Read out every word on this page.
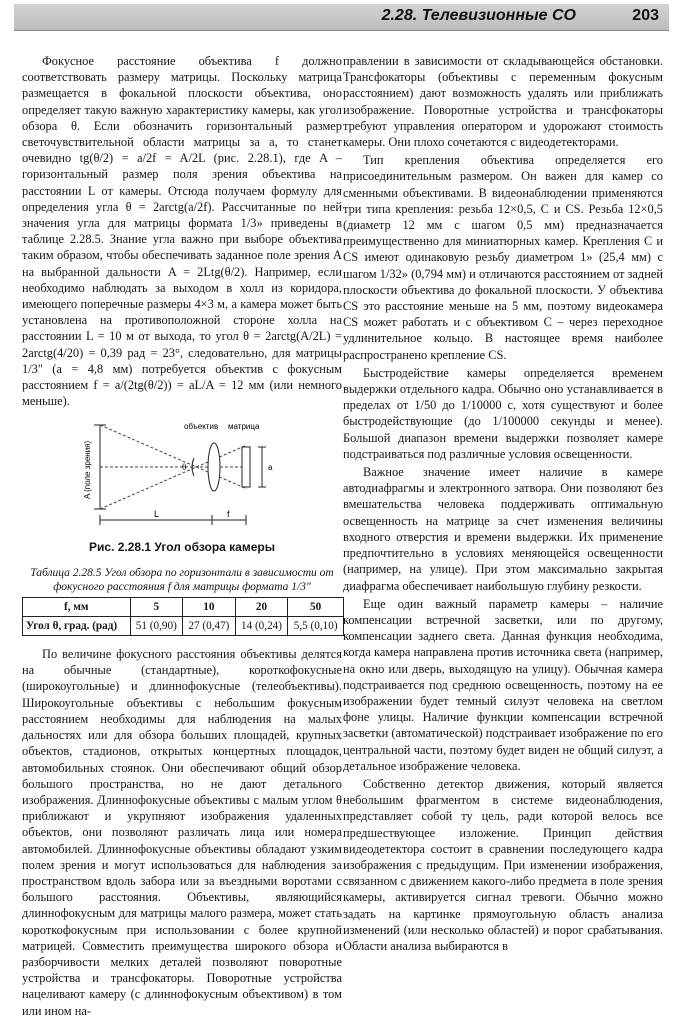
2.28. Телевизионные СО	203

Фокусное расстояние объектива f должно соответствовать размеру матрицы. Поскольку матрица размещается в фокальной плоскости объектива, оно определяет такую важную характеристику камеры, как угол обзора θ. Если обозначить горизонтальный размер светочувствительной области матрицы за a, то станет очевидно tg(θ/2) = a/2f = A/2L (рис. 2.28.1), где A – горизонтальный размер поля зрения объектива на расстоянии L от камеры. Отсюда получаем формулу для определения угла θ = 2arctg(a/2f). Рассчитанные по ней значения угла для матрицы формата 1/3» приведены в таблице 2.28.5. Знание угла важно при выборе объектива таким образом, чтобы обеспечивать заданное поле зрения A на выбранной дальности A = 2Ltg(θ/2). Например, если необходимо наблюдать за выходом в холл из коридора, имеющего поперечные размеры 4×3 м, а камера может быть установлена на противоположной стороне холла на расстоянии L = 10 м от выхода, то угол θ = 2arctg(A/2L) = 2arctg(4/20) = 0,39 рад = 23°, следовательно, для матрицы 1/3" (a = 4,8 мм) потребуется объектив с фокусным расстоянием f = a/(2tg(θ/2)) = aL/A = 12 мм (или немного меньше).

объектив матрица
A (поле зрения)	θ	a
L	f
Рис. 2.28.1 Угол обзора камеры
Таблица 2.28.5 Угол обзора по горизонтали в зависимости от фокусного расстояния f для матрицы формата 1/3"
f, мм	5	10	20	50
Угол θ, град. (рад)	51 (0,90)	27 (0,47)	14 (0,24)	5,5 (0,10)

По величине фокусного расстояния объективы делятся на обычные (стандартные), короткофокусные (широкоугольные) и длиннофокусные (телеобъективы). Широкоугольные объективы с небольшим фокусным расстоянием необходимы для наблюдения на малых дальностях или для обзора больших площадей, крупных объектов, стадионов, открытых концертных площадок, автомобильных стоянок. Они обеспечивают общий обзор большого пространства, но не дают детального изображения. Длиннофокусные объективы с малым углом θ приближают и укрупняют изображения удаленных объектов, они позволяют различать лица или номера автомобилей. Длиннофокусные объективы обладают узким полем зрения и могут использоваться для наблюдения за пространством вдоль забора или за въездными воротами с большого расстояния. Объективы, являющийся длиннофокусным для матрицы малого размера, может стать короткофокусным при использовании с более крупной матрицей. Совместить преимущества широкого обзора и разборчивости мелких деталей позволяют поворотные устройства и трансфокаторы. Поворотные устройства нацеливают камеру (с длиннофокусным объективом) в том или ином на-

правлении в зависимости от складывающейся обстановки. Трансфокаторы (объективы с переменным фокусным расстоянием) дают возможность удалять или приближать изображение. Поворотные устройства и трансфокаторы требуют управления оператором и удорожают стоимость камеры. Они плохо сочетаются с видеодетекторами.

Тип крепления объектива определяется его присоединительным размером. Он важен для камер со сменными объективами. В видеонаблюдении применяются три типа крепления: резьба 12×0,5, C и CS. Резьба 12×0,5 (диаметр 12 мм с шагом 0,5 мм) предназначается преимущественно для миниатюрных камер. Крепления C и CS имеют одинаковую резьбу диаметром 1» (25,4 мм) с шагом 1/32» (0,794 мм) и отличаются расстоянием от задней плоскости объектива до фокальной плоскости. У объектива CS это расстояние меньше на 5 мм, поэтому видеокамера CS может работать и с объективом C – через переходное удлинительное кольцо. В настоящее время наиболее распространено крепление CS.

Быстродействие камеры определяется временем выдержки отдельного кадра. Обычно оно устанавливается в пределах от 1/50 до 1/10000 с, хотя существуют и более быстродействующие (до 1/100000 секунды и менее). Большой диапазон времени выдержки позволяет камере подстраиваться под различные условия освещенности.

Важное значение имеет наличие в камере автодиафрагмы и электронного затвора. Они позволяют без вмешательства человека поддерживать оптимальную освещенность на матрице за счет изменения величины входного отверстия и времени выдержки. Их применение предпочтительно в условиях меняющейся освещенности (например, на улице). При этом максимально закрытая диафрагма обеспечивает наибольшую глубину резкости.

Еще один важный параметр камеры – наличие компенсации встречной засветки, или по другому, компенсации заднего света. Данная функция необходима, когда камера направлена против источника света (например, на окно или дверь, выходящую на улицу). Обычная камера подстраивается под среднюю освещенность, поэтому на ее изображении будет темный силуэт человека на светлом фоне улицы. Наличие функции компенсации встречной засветки (автоматической) подстраивает изображение по его центральной части, поэтому будет виден не общий силуэт, а детальное изображение человека.

Собственно детектор движения, который является небольшим фрагментом в системе видеонаблюдения, представляет собой ту цель, ради которой велось все предшествующее изложение. Принцип действия видеодетектора состоит в сравнении последующего кадра изображения с предыдущим. При изменении изображения, связанном с движением какого-либо предмета в поле зрения камеры, активируется сигнал тревоги. Обычно можно задать на картинке прямоугольную область анализа изменений (или несколько областей) и порог срабатывания. Области анализа выбираются в
